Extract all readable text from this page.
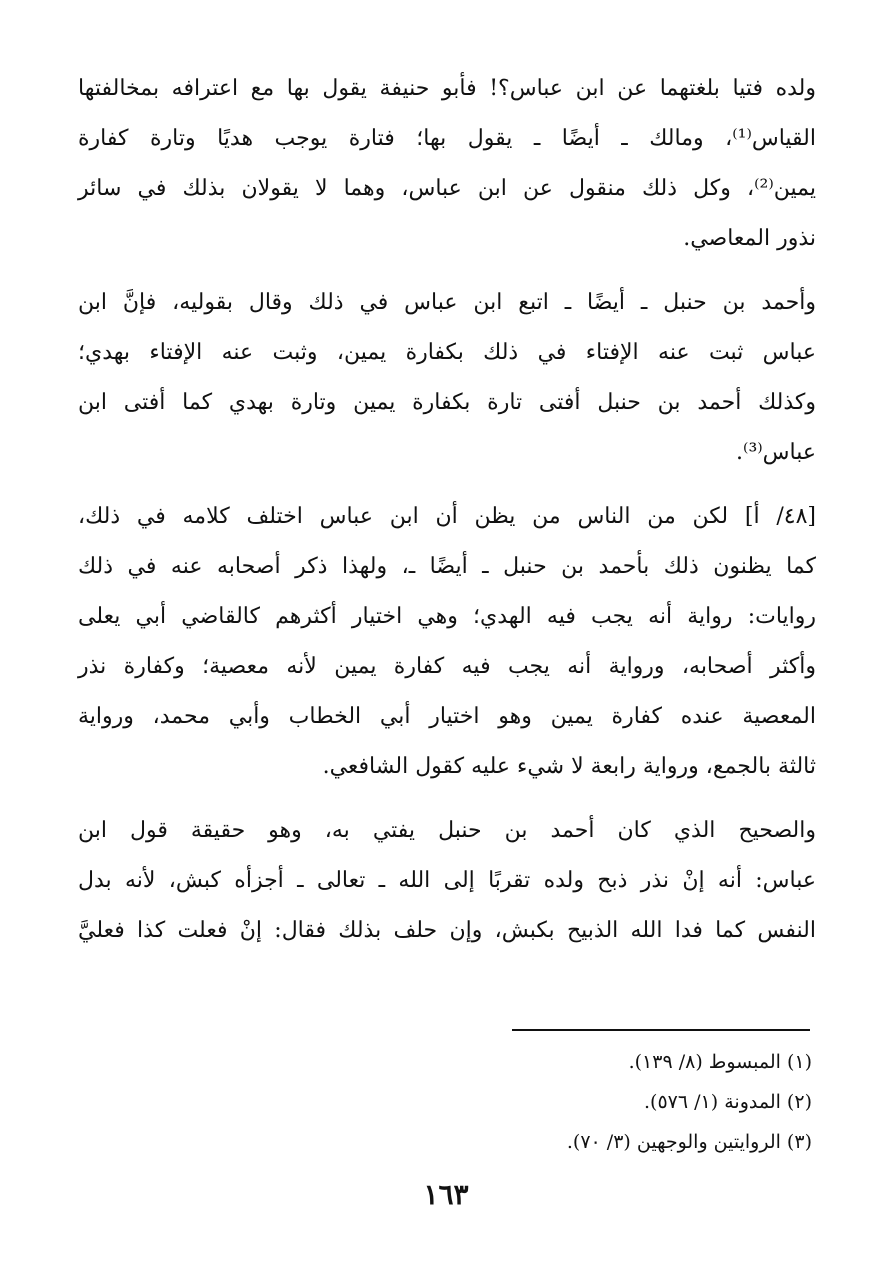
ولده فتيا بلغتهما عن ابن عباس؟! فأبو حنيفة يقول بها مع اعترافه بمخالفتها
القياس⁽¹⁾، ومالك ـ أيضًا ـ يقول بها؛ فتارة يوجب هديًا وتارة كفارة
يمين⁽²⁾، وكل ذلك منقول عن ابن عباس، وهما لا يقولان بذلك في سائر
نذور المعاصي.

وأحمد بن حنبل ـ أيضًا ـ اتبع ابن عباس في ذلك وقال بقوليه، فإنَّ ابن
عباس ثبت عنه الإفتاء في ذلك بكفارة يمين، وثبت عنه الإفتاء بهدي؛
وكذلك أحمد بن حنبل أفتى تارة بكفارة يمين وتارة بهدي كما أفتى ابن
عباس⁽³⁾.

[٤٨/ أ] لكن من الناس من يظن أن ابن عباس اختلف كلامه في ذلك،
كما يظنون ذلك بأحمد بن حنبل ـ أيضًا ـ، ولهذا ذكر أصحابه عنه في ذلك
روايات: رواية أنه يجب فيه الهدي؛ وهي اختيار أكثرهم كالقاضي أبي يعلى
وأكثر أصحابه، ورواية أنه يجب فيه كفارة يمين لأنه معصية؛ وكفارة نذر
المعصية عنده كفارة يمين وهو اختيار أبي الخطاب وأبي محمد، ورواية
ثالثة بالجمع، ورواية رابعة لا شيء عليه كقول الشافعي.

والصحيح الذي كان أحمد بن حنبل يفتي به، وهو حقيقة قول ابن
عباس: أنه إنْ نذر ذبح ولده تقربًا إلى الله ـ تعالى ـ أجزأه كبش، لأنه بدل
النفس كما فدا الله الذبيح بكبش، وإن حلف بذلك فقال: إنْ فعلت كذا فعليَّ

(١) المبسوط (٨/ ١٣٩).
(٢) المدونة (١/ ٥٧٦).
(٣) الروايتين والوجهين (٣/ ٧٠).
١٦٣
